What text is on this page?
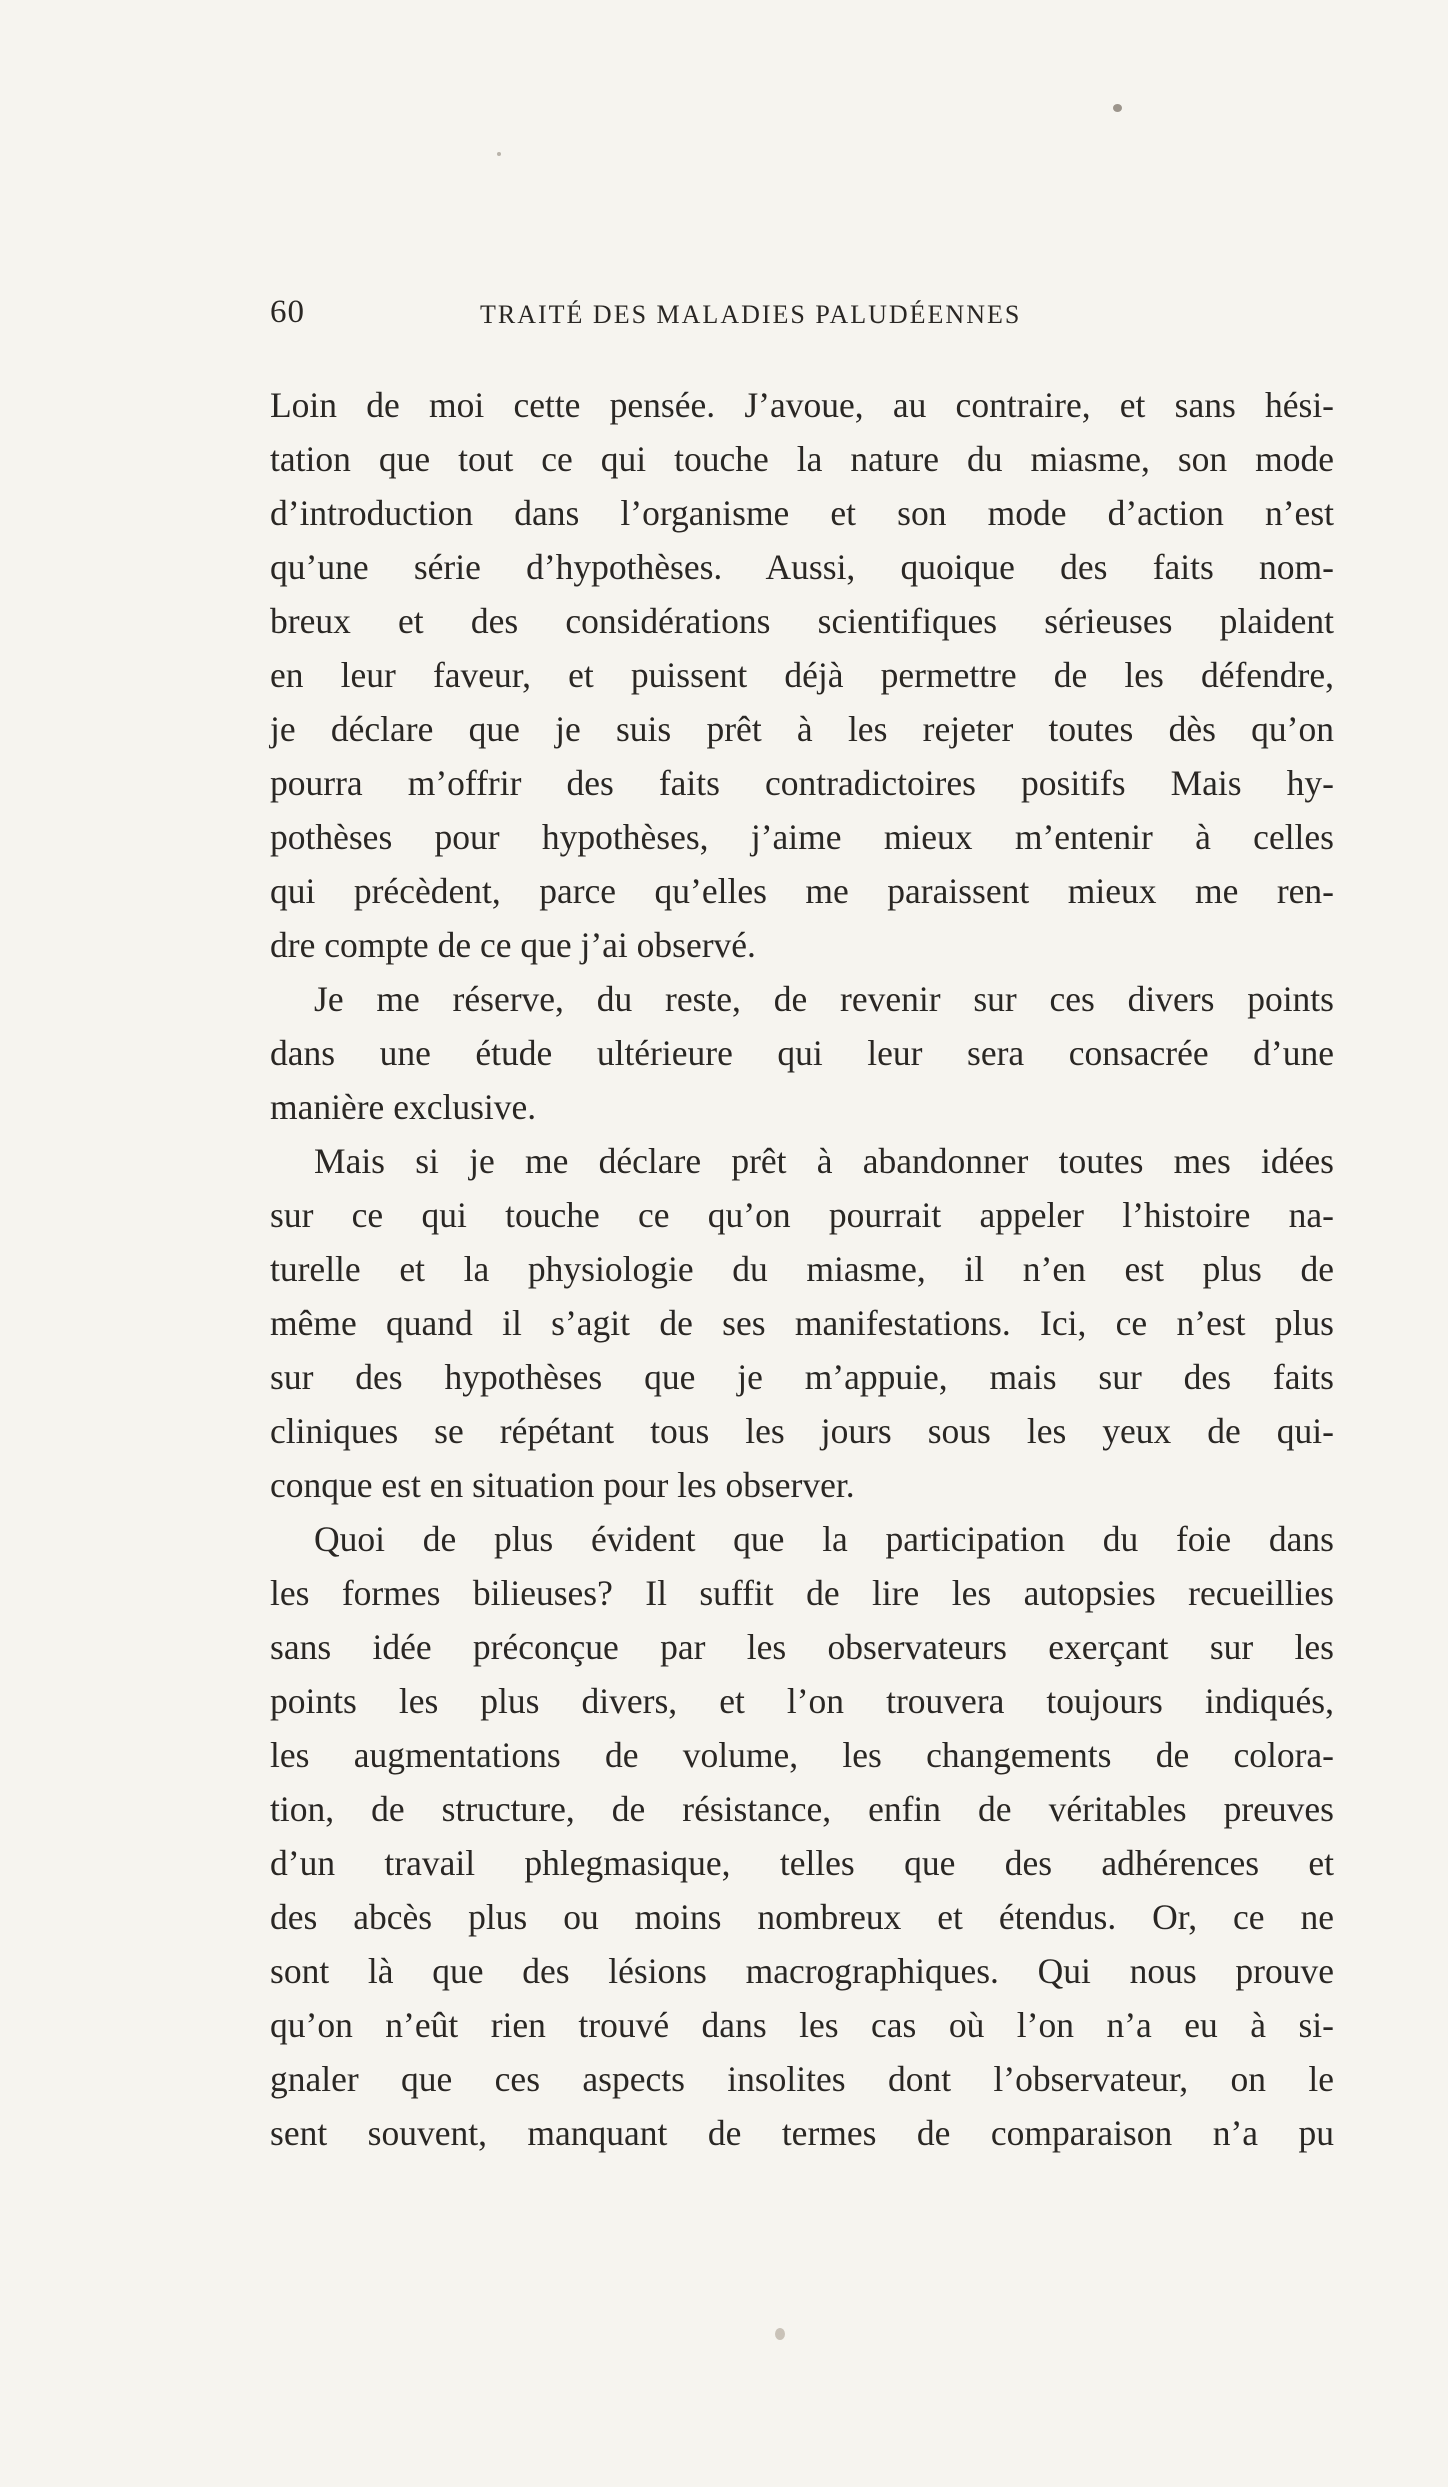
60	TRAITÉ DES MALADIES PALUDÉENNES

Loin de moi cette pensée. J’avoue, au contraire, et sans hési-

tation que tout ce qui touche la nature du miasme, son mode

d’introduction dans l’organisme et son mode d’action n’est

qu’une série d’hypothèses. Aussi, quoique des faits nom-

breux et des considérations scientifiques sérieuses plaident

en leur faveur, et puissent déjà permettre de les défendre,

je déclare que je suis prêt à les rejeter toutes dès qu’on

pourra m’offrir des faits contradictoires positifs Mais hy-

pothèses pour hypothèses, j’aime mieux m’entenir à celles

qui précèdent, parce qu’elles me paraissent mieux me ren-

dre compte de ce que j’ai observé.

Je me réserve, du reste, de revenir sur ces divers points

dans une étude ultérieure qui leur sera consacrée d’une

manière exclusive.

Mais si je me déclare prêt à abandonner toutes mes idées

sur ce qui touche ce qu’on pourrait appeler l’histoire na-

turelle et la physiologie du miasme, il n’en est plus de

même quand il s’agit de ses manifestations. Ici, ce n’est plus

sur des hypothèses que je m’appuie, mais sur des faits

cliniques se répétant tous les jours sous les yeux de qui-

conque est en situation pour les observer.

Quoi de plus évident que la participation du foie dans

les formes bilieuses? Il suffit de lire les autopsies recueillies

sans idée préconçue par les observateurs exerçant sur les

points les plus divers, et l’on trouvera toujours indiqués,

les augmentations de volume, les changements de colora-

tion, de structure, de résistance, enfin de véritables preuves

d’un travail phlegmasique, telles que des adhérences et

des abcès plus ou moins nombreux et étendus. Or, ce ne

sont là que des lésions macrographiques. Qui nous prouve

qu’on n’eût rien trouvé dans les cas où l’on n’a eu à si-

gnaler que ces aspects insolites dont l’observateur, on le

sent souvent, manquant de termes de comparaison n’a pu
